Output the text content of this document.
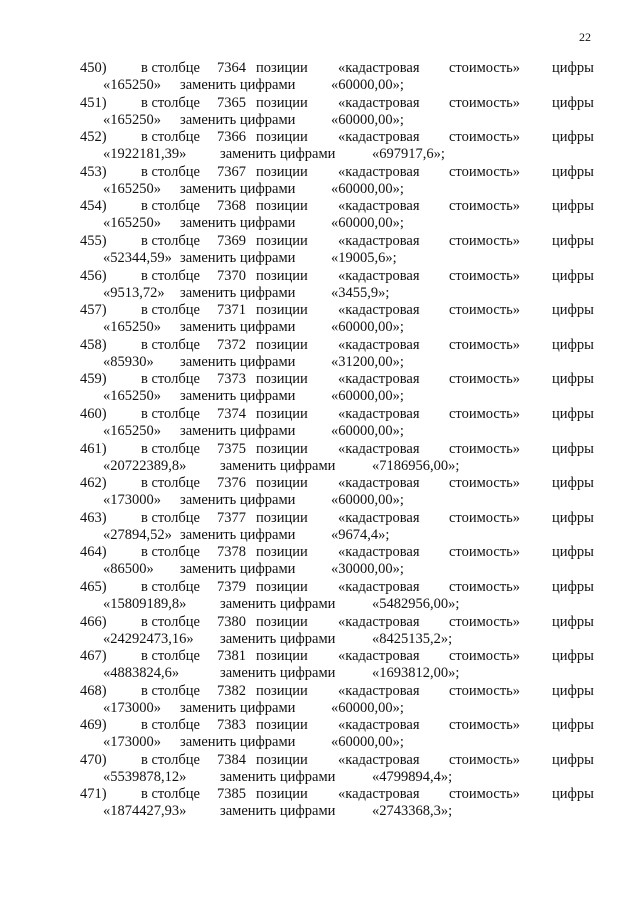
22
450) в столбце 7364 позиции «кадастровая стоимость» цифры
«165250» заменить цифрами «60000,00»;
451) в столбце 7365 позиции «кадастровая стоимость» цифры
«165250» заменить цифрами «60000,00»;
452) в столбце 7366 позиции «кадастровая стоимость» цифры
«1922181,39» заменить цифрами	«697917,6»;
453) в столбце 7367 позиции «кадастровая стоимость» цифры
«165250» заменить цифрами «60000,00»;
454) в столбце 7368 позиции «кадастровая стоимость» цифры
«165250» заменить цифрами «60000,00»;
455) в столбце 7369 позиции «кадастровая стоимость» цифры
«52344,59» заменить цифрами «19005,6»;
456) в столбце 7370 позиции «кадастровая стоимость» цифры
«9513,72» заменить цифрами «3455,9»;
457) в столбце 7371 позиции «кадастровая стоимость» цифры
«165250» заменить цифрами «60000,00»;
458) в столбце 7372 позиции «кадастровая стоимость» цифры
«85930» заменить цифрами «31200,00»;
459) в столбце 7373 позиции «кадастровая стоимость» цифры
«165250» заменить цифрами «60000,00»;
460) в столбце 7374 позиции «кадастровая стоимость» цифры
«165250» заменить цифрами «60000,00»;
461) в столбце 7375 позиции «кадастровая стоимость» цифры
«20722389,8» заменить цифрами	«7186956,00»;
462) в столбце 7376 позиции «кадастровая стоимость» цифры
«173000» заменить цифрами «60000,00»;
463) в столбце 7377 позиции «кадастровая стоимость» цифры
«27894,52» заменить цифрами «9674,4»;
464) в столбце 7378 позиции «кадастровая стоимость» цифры
«86500» заменить цифрами «30000,00»;
465) в столбце 7379 позиции «кадастровая стоимость» цифры
«15809189,8» заменить цифрами	«5482956,00»;
466) в столбце 7380 позиции «кадастровая стоимость» цифры
«24292473,16» заменить цифрами	«8425135,2»;
467) в столбце 7381 позиции «кадастровая стоимость» цифры
«4883824,6»	заменить цифрами	«1693812,00»;
468) в столбце 7382 позиции «кадастровая стоимость» цифры
«173000» заменить цифрами «60000,00»;
469) в столбце 7383 позиции «кадастровая стоимость» цифры
«173000» заменить цифрами «60000,00»;
470) в столбце 7384 позиции «кадастровая стоимость» цифры
«5539878,12» заменить цифрами	«4799894,4»;
471) в столбце 7385 позиции «кадастровая стоимость» цифры
«1874427,93» заменить цифрами	«2743368,3»;
